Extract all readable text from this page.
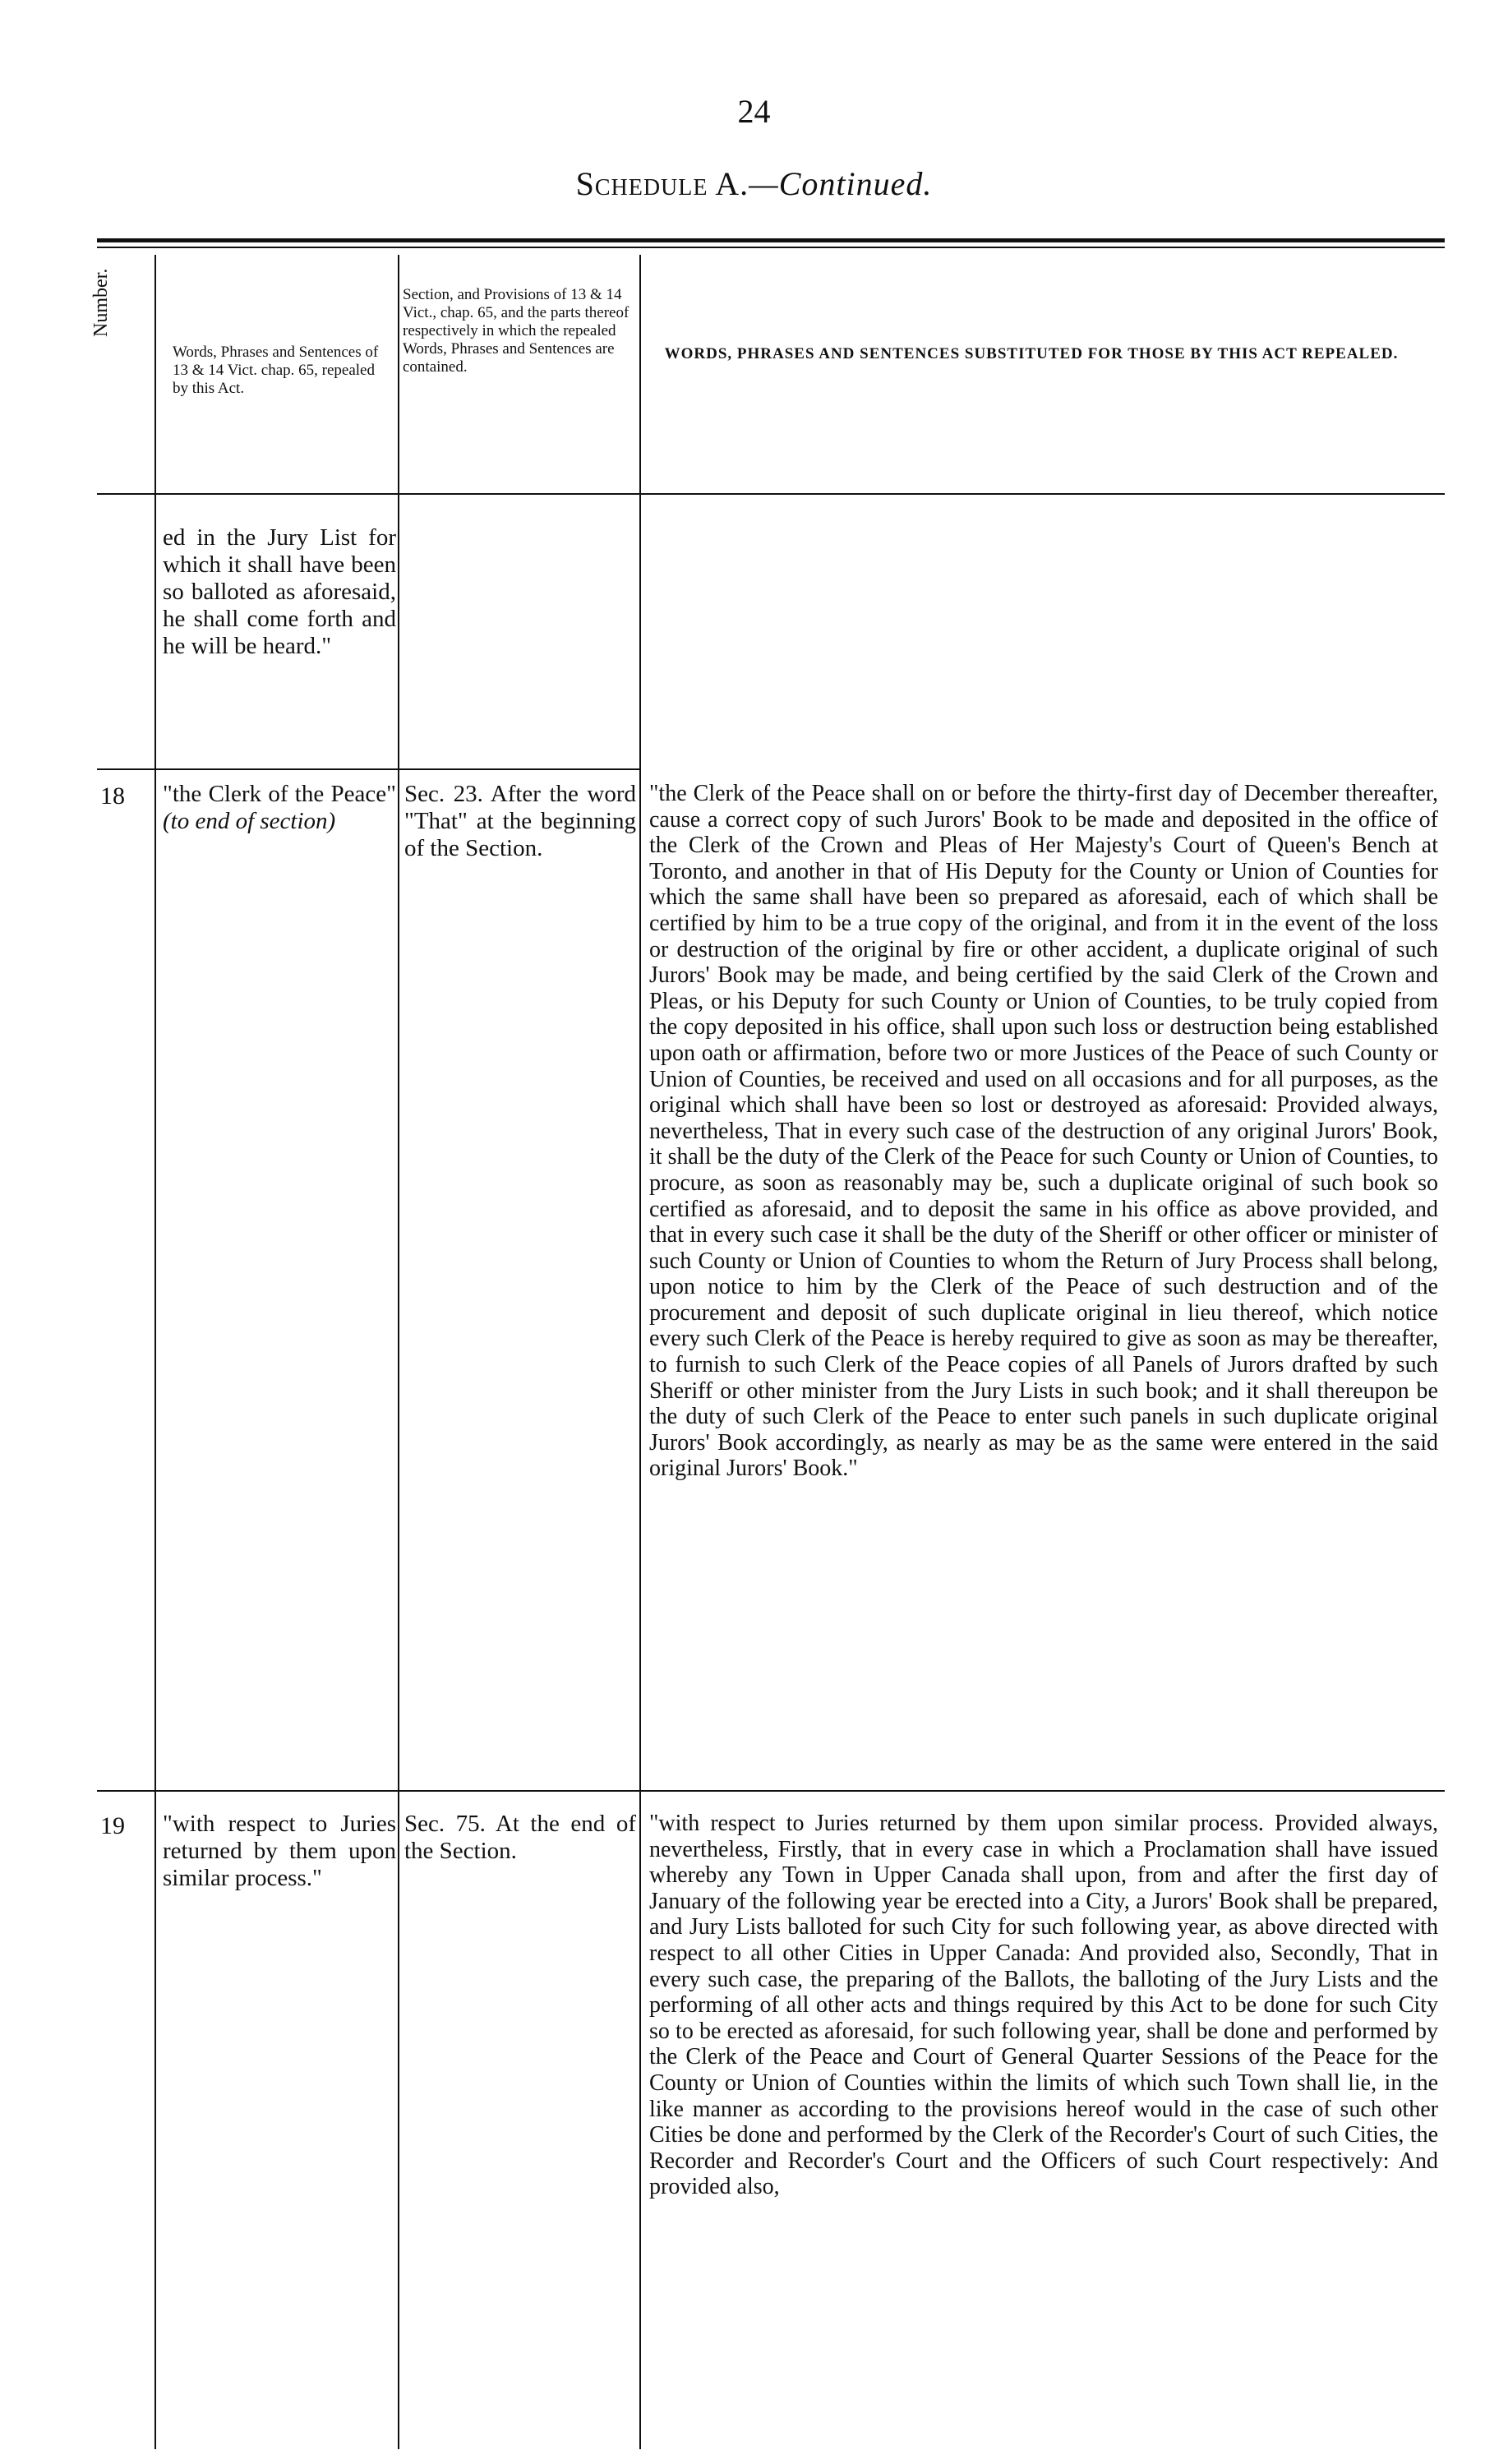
24
Schedule A.—Continued.
Number.
Words, Phrases and Sentences of 13 & 14 Vict. chap. 65, repealed by this Act.
Section, and Provisions of 13 & 14 Vict., chap. 65, and the parts thereof respectively in which the repealed Words, Phrases and Sentences are contained.
WORDS, PHRASES AND SENTENCES SUBSTITUTED FOR THOSE BY THIS ACT REPEALED.
ed in the Jury List for which it shall have been so balloted as aforesaid, he shall come forth and he will be heard."
18 "the Clerk of the Peace" (to end of section)
Sec. 23. After the word "That" at the beginning of the Section.
"the Clerk of the Peace shall on or before the thirty-first day of December thereafter, cause a correct copy of such Jurors' Book to be made and deposited in the office of the Clerk of the Crown and Pleas of Her Majesty's Court of Queen's Bench at Toronto, and another in that of His Deputy for the County or Union of Counties for which the same shall have been so prepared as aforesaid, each of which shall be certified by him to be a true copy of the original, and from it in the event of the loss or destruction of the original by fire or other accident, a duplicate original of such Jurors' Book may be made, and being certified by the said Clerk of the Crown and Pleas, or his Deputy for such County or Union of Counties, to be truly copied from the copy deposited in his office, shall upon such loss or destruction being established upon oath or affirmation, before two or more Justices of the Peace of such County or Union of Counties, be received and used on all occasions and for all purposes, as the original which shall have been so lost or destroyed as aforesaid: Provided always, nevertheless, That in every such case of the destruction of any original Jurors' Book, it shall be the duty of the Clerk of the Peace for such County or Union of Counties, to procure, as soon as reasonably may be, such a duplicate original of such book so certified as aforesaid, and to deposit the same in his office as above provided, and that in every such case it shall be the duty of the Sheriff or other officer or minister of such County or Union of Counties to whom the Return of Jury Process shall belong, upon notice to him by the Clerk of the Peace of such destruction and of the procurement and deposit of such duplicate original in lieu thereof, which notice every such Clerk of the Peace is hereby required to give as soon as may be thereafter, to furnish to such Clerk of the Peace copies of all Panels of Jurors drafted by such Sheriff or other minister from the Jury Lists in such book; and it shall thereupon be the duty of such Clerk of the Peace to enter such panels in such duplicate original Jurors' Book accordingly, as nearly as may be as the same were entered in the said original Jurors' Book."
19 "with respect to Juries returned by them upon similar process."
Sec. 75. At the end of the Section.
"with respect to Juries returned by them upon similar process. Provided always, nevertheless, Firstly, that in every case in which a Proclamation shall have issued whereby any Town in Upper Canada shall upon, from and after the first day of January of the following year be erected into a City, a Jurors' Book shall be prepared, and Jury Lists balloted for such City for such following year, as above directed with respect to all other Cities in Upper Canada: And provided also, Secondly, That in every such case, the preparing of the Ballots, the balloting of the Jury Lists and the performing of all other acts and things required by this Act to be done for such City so to be erected as aforesaid, for such following year, shall be done and performed by the Clerk of the Peace and Court of General Quarter Sessions of the Peace for the County or Union of Counties within the limits of which such Town shall lie, in the like manner as according to the provisions hereof would in the case of such other Cities be done and performed by the Clerk of the Recorder's Court of such Cities, the Recorder and Recorder's Court and the Officers of such Court respectively: And provided also,
